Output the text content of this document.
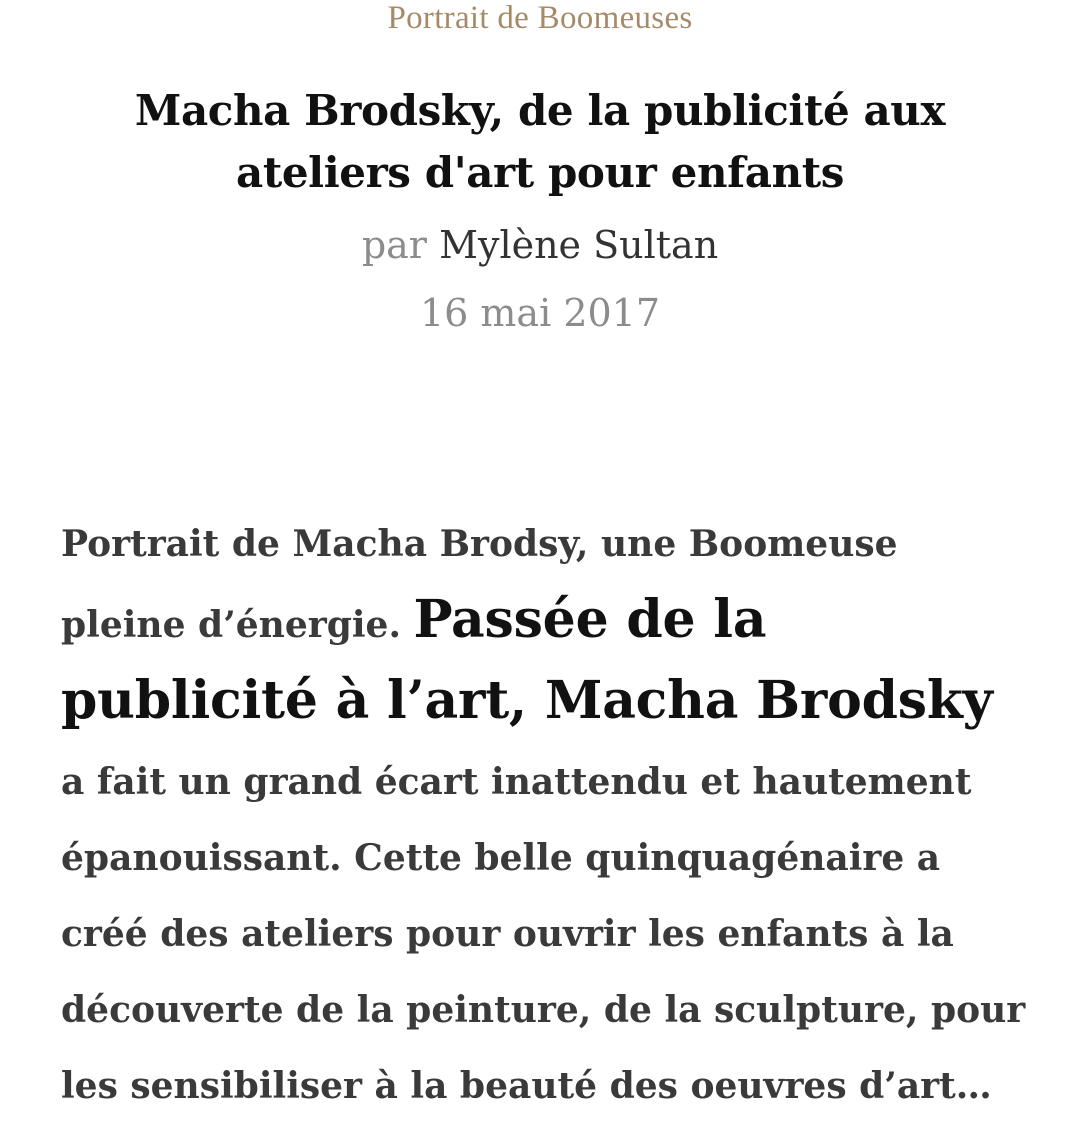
Portrait de Boomeuses
Macha Brodsky, de la publicité aux ateliers d'art pour enfants
par Mylène Sultan
16 mai 2017
Portrait de Macha Brodsy, une Boomeuse pleine d’énergie. Passée de la publicité à l’art, Macha Brodskya fait un grand écart inattendu et hautement épanouissant. Cette belle quinquagénaire a créé des ateliers pour ouvrir les enfants à la découverte de la peinture, de la sculpture, pour les sensibiliser à la beauté des oeuvres d’art…
